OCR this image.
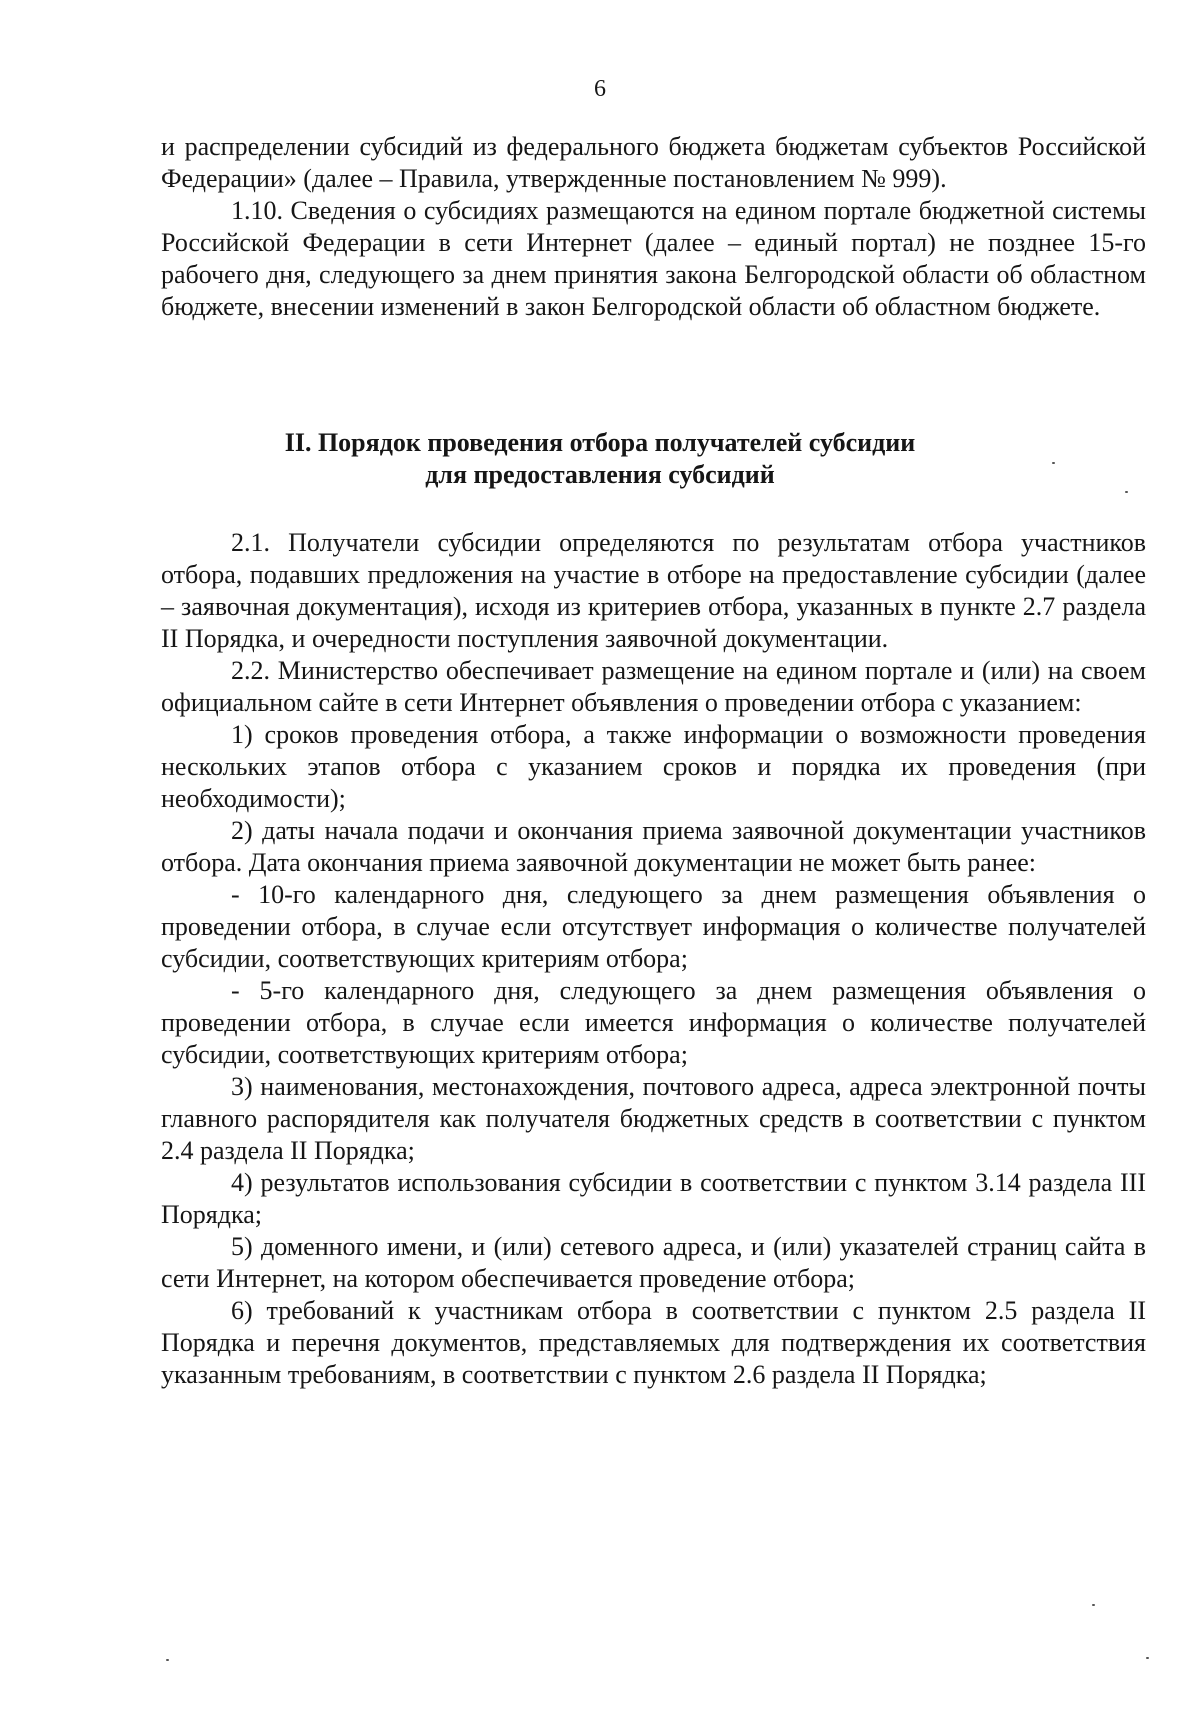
6

и распределении субсидий из федерального бюджета бюджетам субъектов Российской Федерации» (далее – Правила, утвержденные постановлением № 999).

1.10. Сведения о субсидиях размещаются на едином портале бюджетной системы Российской Федерации в сети Интернет (далее – единый портал) не позднее 15-го рабочего дня, следующего за днем принятия закона Белгородской области об областном бюджете, внесении изменений в закон Белгородской области об областном бюджете.

II. Порядок проведения отбора получателей субсидии
для предоставления субсидий

2.1. Получатели субсидии определяются по результатам отбора участников отбора, подавших предложения на участие в отборе на предоставление субсидии (далее – заявочная документация), исходя из критериев отбора, указанных в пункте 2.7 раздела II Порядка, и очередности поступления заявочной документации.

2.2. Министерство обеспечивает размещение на едином портале и (или) на своем официальном сайте в сети Интернет объявления о проведении отбора с указанием:

1) сроков проведения отбора, а также информации о возможности проведения нескольких этапов отбора с указанием сроков и порядка их проведения (при необходимости);

2) даты начала подачи и окончания приема заявочной документации участников отбора. Дата окончания приема заявочной документации не может быть ранее:

- 10-го календарного дня, следующего за днем размещения объявления о проведении отбора, в случае если отсутствует информация о количестве получателей субсидии, соответствующих критериям отбора;

- 5-го календарного дня, следующего за днем размещения объявления о проведении отбора, в случае если имеется информация о количестве получателей субсидии, соответствующих критериям отбора;

3) наименования, местонахождения, почтового адреса, адреса электронной почты главного распорядителя как получателя бюджетных средств в соответствии с пунктом 2.4 раздела II Порядка;

4) результатов использования субсидии в соответствии с пунктом 3.14 раздела III Порядка;

5) доменного имени, и (или) сетевого адреса, и (или) указателей страниц сайта в сети Интернет, на котором обеспечивается проведение отбора;

6) требований к участникам отбора в соответствии с пунктом 2.5 раздела II Порядка и перечня документов, представляемых для подтверждения их соответствия указанным требованиям, в соответствии с пунктом 2.6 раздела II Порядка;
